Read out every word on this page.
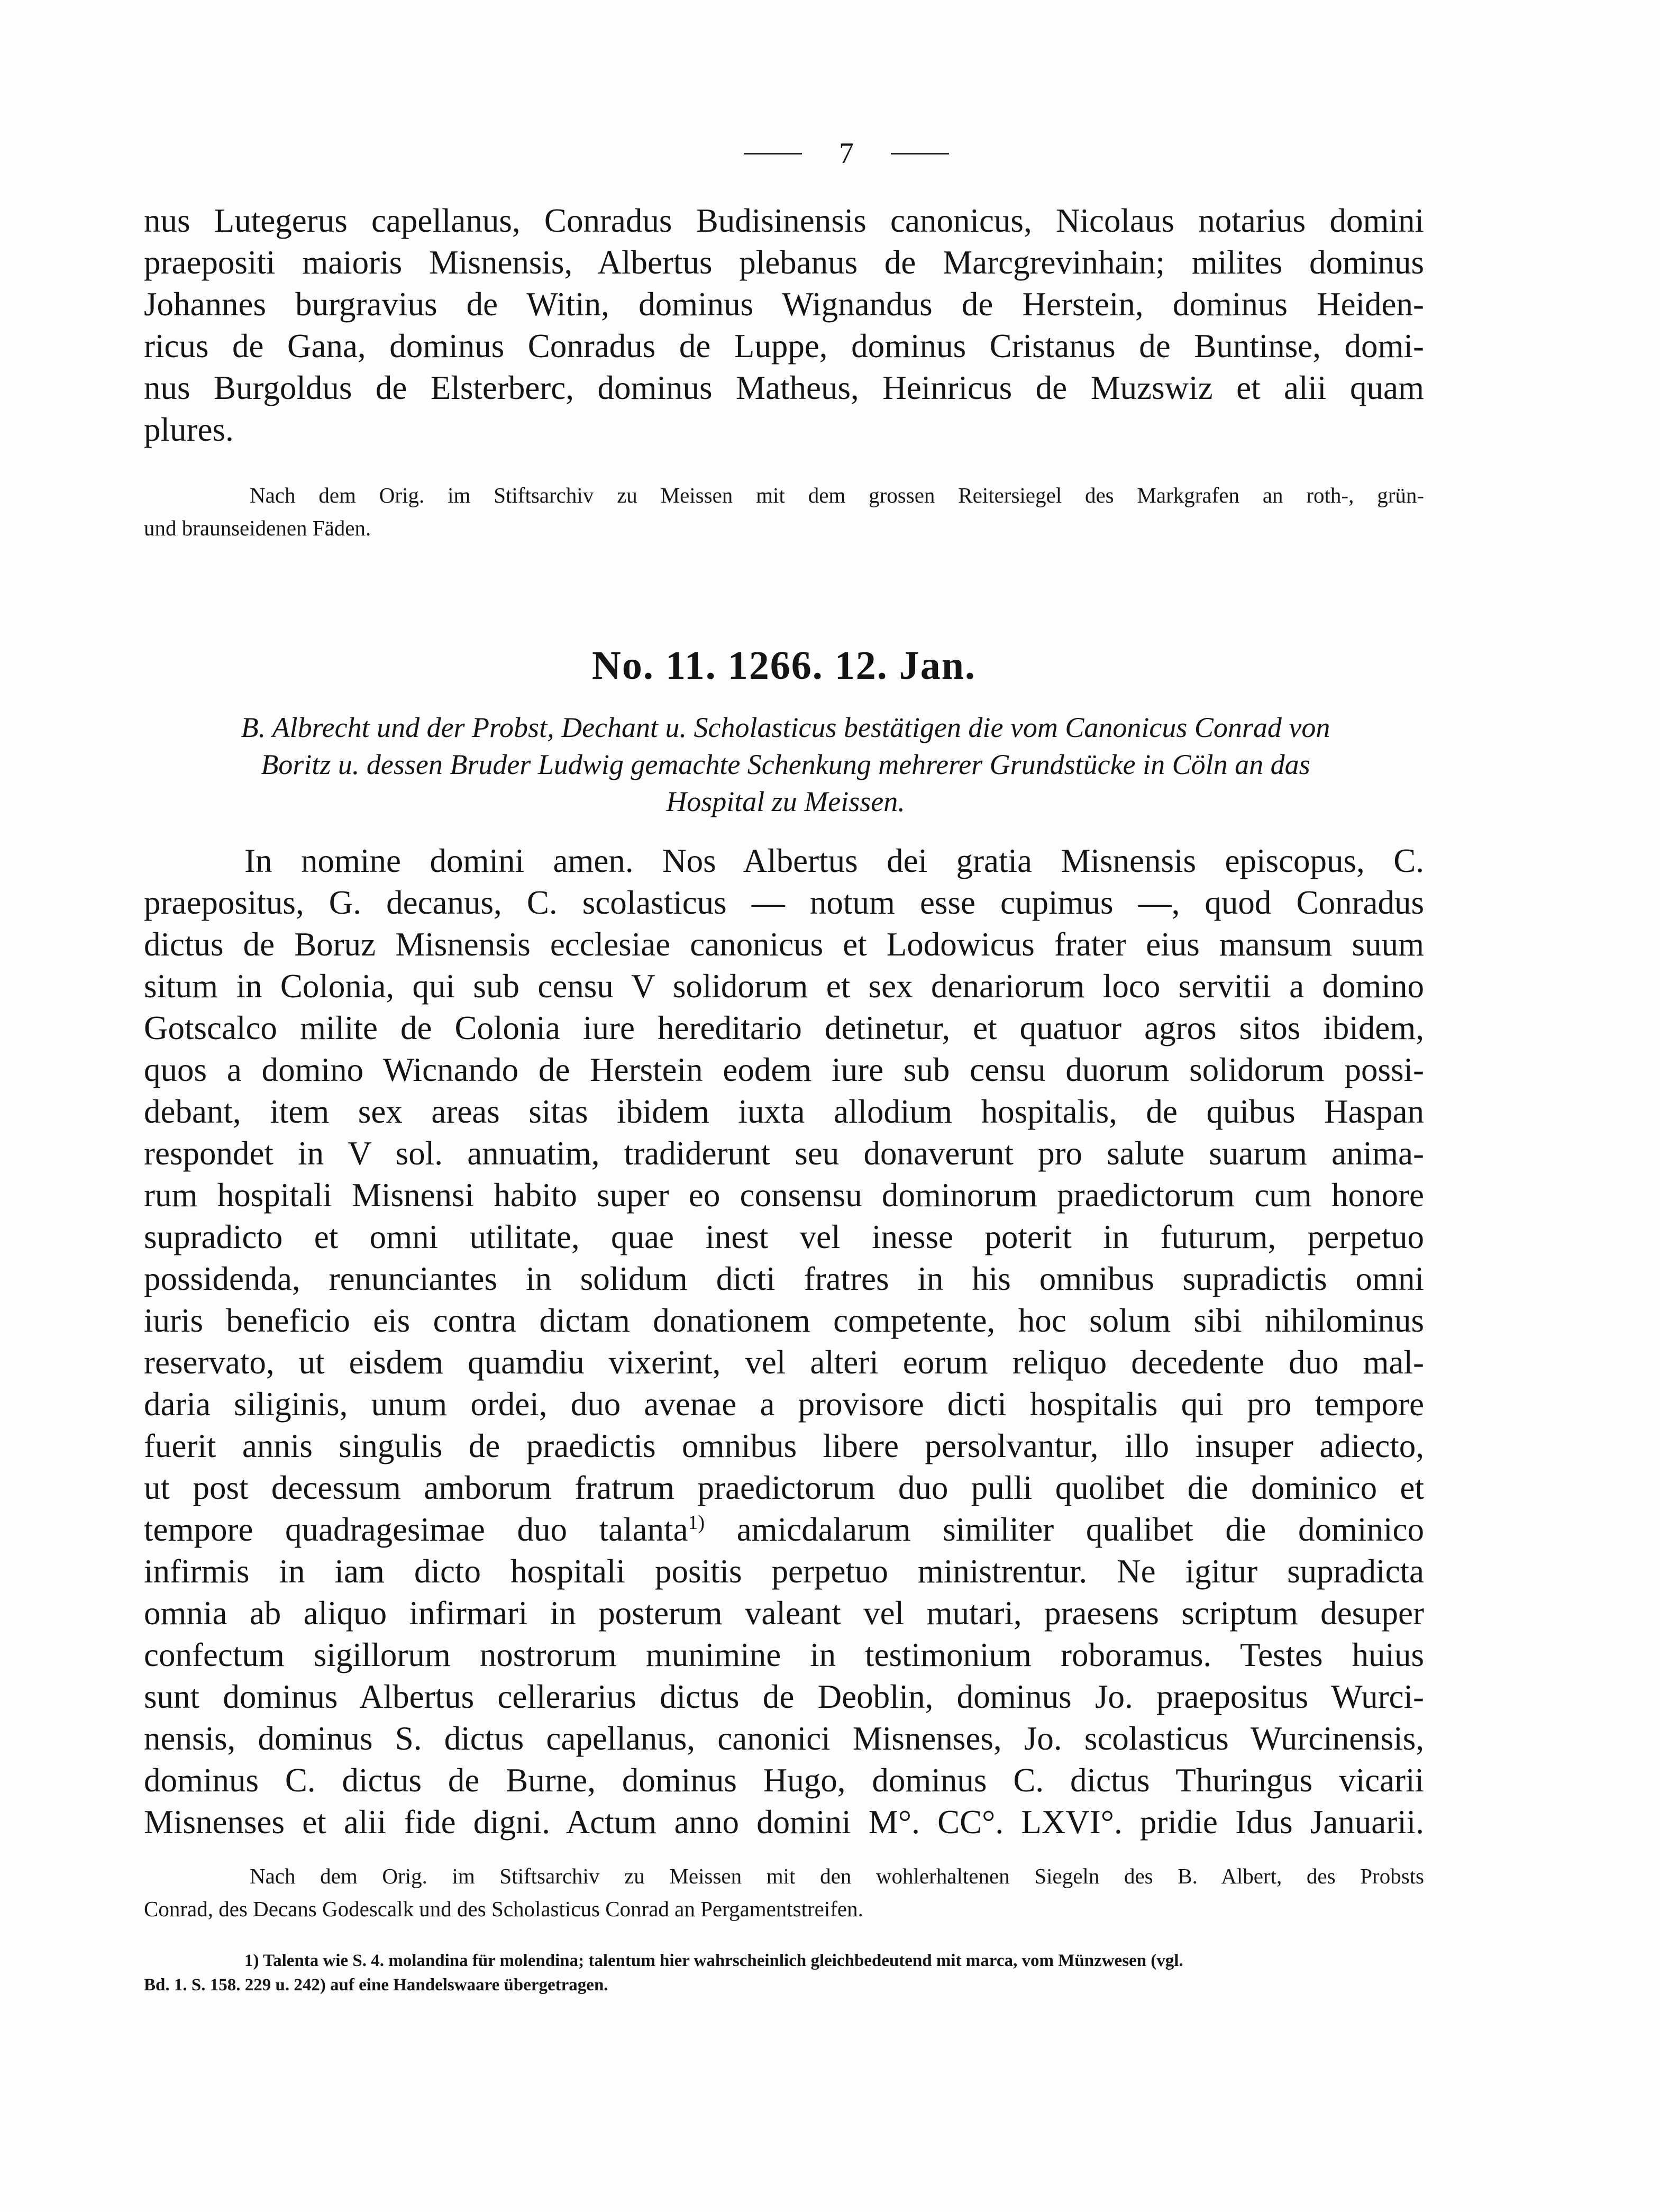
7
nus Lutegerus capellanus, Conradus Budisinensis canonicus, Nicolaus notarius domini
praepositi maioris Misnensis, Albertus plebanus de Marcgrevinhain; milites dominus
Johannes burgravius de Witin, dominus Wignandus de Herstein, dominus Heiden-
ricus de Gana, dominus Conradus de Luppe, dominus Cristanus de Buntinse, domi-
nus Burgoldus de Elsterberc, dominus Matheus, Heinricus de Muzswiz et alii quam
plures.
Nach dem Orig. im Stiftsarchiv zu Meissen mit dem grossen Reitersiegel des Markgrafen an roth-, grün-
und braunseidenen Fäden.
No. 11. 1266. 12. Jan.
B. Albrecht und der Probst, Dechant u. Scholasticus bestätigen die vom Canonicus Conrad von
Boritz u. dessen Bruder Ludwig gemachte Schenkung mehrerer Grundstücke in Cöln an das
Hospital zu Meissen.
In nomine domini amen. Nos Albertus dei gratia Misnensis episcopus, C.
praepositus, G. decanus, C. scolasticus — notum esse cupimus —, quod Conradus
dictus de Boruz Misnensis ecclesiae canonicus et Lodowicus frater eius mansum suum
situm in Colonia, qui sub censu V solidorum et sex denariorum loco servitii a domino
Gotscalco milite de Colonia iure hereditario detinetur, et quatuor agros sitos ibidem,
quos a domino Wicnando de Herstein eodem iure sub censu duorum solidorum possi-
debant, item sex areas sitas ibidem iuxta allodium hospitalis, de quibus Haspan
respondet in V sol. annuatim, tradiderunt seu donaverunt pro salute suarum anima-
rum hospitali Misnensi habito super eo consensu dominorum praedictorum cum honore
supradicto et omni utilitate, quae inest vel inesse poterit in futurum, perpetuo
possidenda, renunciantes in solidum dicti fratres in his omnibus supradictis omni
iuris beneficio eis contra dictam donationem competente, hoc solum sibi nihilominus
reservato, ut eisdem quamdiu vixerint, vel alteri eorum reliquo decedente duo mal-
daria siliginis, unum ordei, duo avenae a provisore dicti hospitalis qui pro tempore
fuerit annis singulis de praedictis omnibus libere persolvantur, illo insuper adiecto,
ut post decessum amborum fratrum praedictorum duo pulli quolibet die dominico et
tempore quadragesimae duo talanta$^{1)}$ amicdalarum similiter qualibet die dominico
infirmis in iam dicto hospitali positis perpetuo ministrentur. Ne igitur supradicta
omnia ab aliquo infirmari in posterum valeant vel mutari, praesens scriptum desuper
confectum sigillorum nostrorum munimine in testimonium roboramus. Testes huius
sunt dominus Albertus cellerarius dictus de Deoblin, dominus Jo. praepositus Wurci-
nensis, dominus S. dictus capellanus, canonici Misnenses, Jo. scolasticus Wurcinensis,
dominus C. dictus de Burne, dominus Hugo, dominus C. dictus Thuringus vicarii
Misnenses et alii fide digni. Actum anno domini M°. CC°. LXVI°. pridie Idus Januarii.
Nach dem Orig. im Stiftsarchiv zu Meissen mit den wohlerhaltenen Siegeln des B. Albert, des Probsts
Conrad, des Decans Godescalk und des Scholasticus Conrad an Pergamentstreifen.
1) Talenta wie S. 4. molandina für molendina; talentum hier wahrscheinlich gleichbedeutend mit marca, vom Münzwesen (vgl.
Bd. 1. S. 158. 229 u. 242) auf eine Handelswaare übergetragen.
